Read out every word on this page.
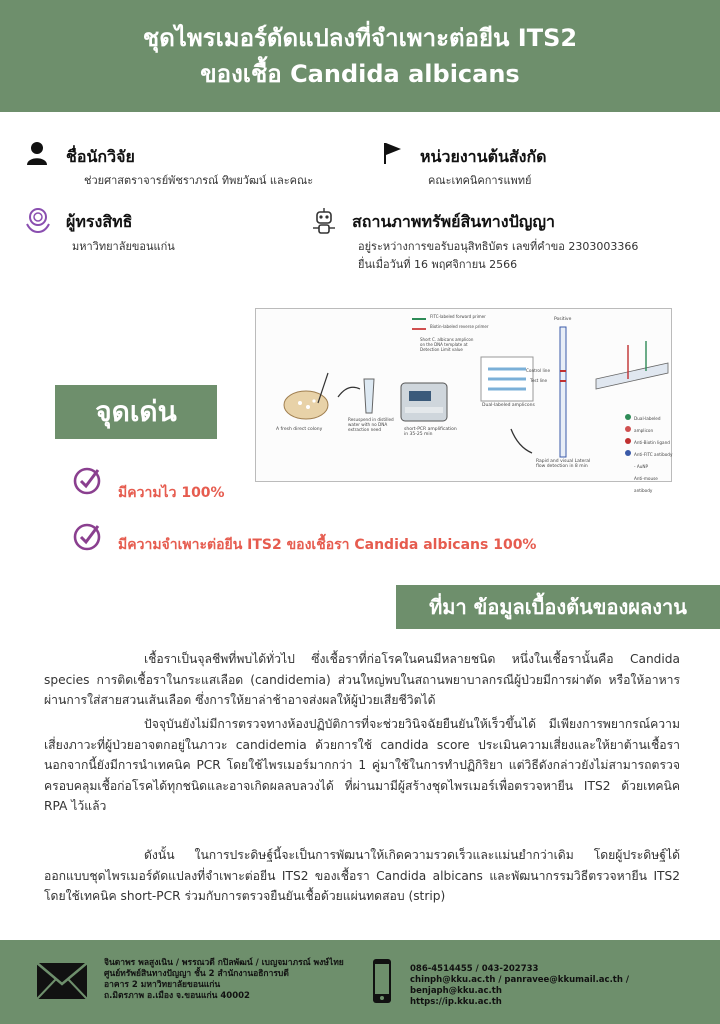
ชุดไพรเมอร์ดัดแปลงที่จำเพาะต่อยีน ITS2
ของเชื้อ Candida albicans
ชื่อนักวิจัย
ช่วยศาสตราจารย์พัชราภรณ์ ทิพยวัฒน์ และคณะ
หน่วยงานต้นสังกัด
คณะเทคนิคการแพทย์
ผู้ทรงสิทธิ
มหาวิทยาลัยขอนแก่น
สถานภาพทรัพย์สินทางปัญญา
อยู่ระหว่างการขอรับอนุสิทธิบัตร เลขที่คำขอ 2303003366
ยื่นเมื่อวันที่ 16 พฤศจิกายน 2566
จุดเด่น
มีความไว 100%
มีความจำเพาะต่อยีน ITS2 ของเชื้อรา Candida albicans 100%
FITC-labeled forward primer
Biotin-labeled reverse primer
Short C. albicans amplicon on the DNA template at Detection Limit value
A fresh direct colony
Resuspend in distilled water with no DNA extraction need	short-PCR amplification in 35-25 min
Dual-labeled amplicons
Positive
Control line
Test line
Rapid and visual Lateral flow detection in 8 min
Dual-labeled amplicon
Anti-Biotin ligand
Anti-FITC antibody - AuNP
Anti-mouse antibody
ที่มา ข้อมูลเบื้องต้นของผลงาน
เชื้อราเป็นจุลชีพที่พบได้ทั่วไป ซึ่งเชื้อราที่ก่อโรคในคนมีหลายชนิด หนึ่งในเชื้อรานั้นคือ Candida species การติดเชื้อราในกระแสเลือด (candidemia) ส่วนใหญ่พบในสถานพยาบาลกรณีผู้ป่วยมีการผ่าตัด หรือให้อาหารผ่านการใส่สายสวนเส้นเลือด ซึ่งการให้ยาล่าช้าอาจส่งผลให้ผู้ป่วยเสียชีวิตได้
ปัจจุบันยังไม่มีการตรวจทางห้องปฏิบัติการที่จะช่วยวินิจฉัยยืนยันให้เร็วขึ้นได้ มีเพียงการพยากรณ์ความเสี่ยงภาวะที่ผู้ป่วยอาจตกอยู่ในภาวะ candidemia ด้วยการใช้ candida score ประเมินความเสี่ยงและให้ยาต้านเชื้อรา นอกจากนี้ยังมีการนำเทคนิค PCR โดยใช้ไพรเมอร์มากกว่า 1 คู่มาใช้ในการทำปฏิกิริยา แต่วิธีดังกล่าวยังไม่สามารถตรวจครอบคลุมเชื้อก่อโรคได้ทุกชนิดและอาจเกิดผลลบลวงได้ ที่ผ่านมามีผู้สร้างชุดไพรเมอร์เพื่อตรวจหายีน ITS2 ด้วยเทคนิค RPA ไว้แล้ว
ดังนั้น ในการประดิษฐ์นี้จะเป็นการพัฒนาให้เกิดความรวดเร็วและแม่นยำกว่าเดิม โดยผู้ประดิษฐ์ได้ออกแบบชุดไพรเมอร์ดัดแปลงที่จำเพาะต่อยีน ITS2 ของเชื้อรา Candida albicans และพัฒนากรรมวิธีตรวจหายีน ITS2 โดยใช้เทคนิค short-PCR ร่วมกับการตรวจยืนยันเชื้อด้วยแผ่นทดสอบ (strip)
จินดาพร พลสูงเนิน / พรรณวดี กปิลพัฒน์ / เบญจมาภรณ์ พงษ์ไทย
ศูนย์ทรัพย์สินทางปัญญา ชั้น 2 สำนักงานอธิการบดี
อาคาร 2 มหาวิทยาลัยขอนแก่น
ถ.มิตรภาพ อ.เมือง จ.ขอนแก่น 40002
086-4514455 / 043-202733
chinph@kku.ac.th / panravee@kkumail.ac.th / benjaph@kku.ac.th
https://ip.kku.ac.th
